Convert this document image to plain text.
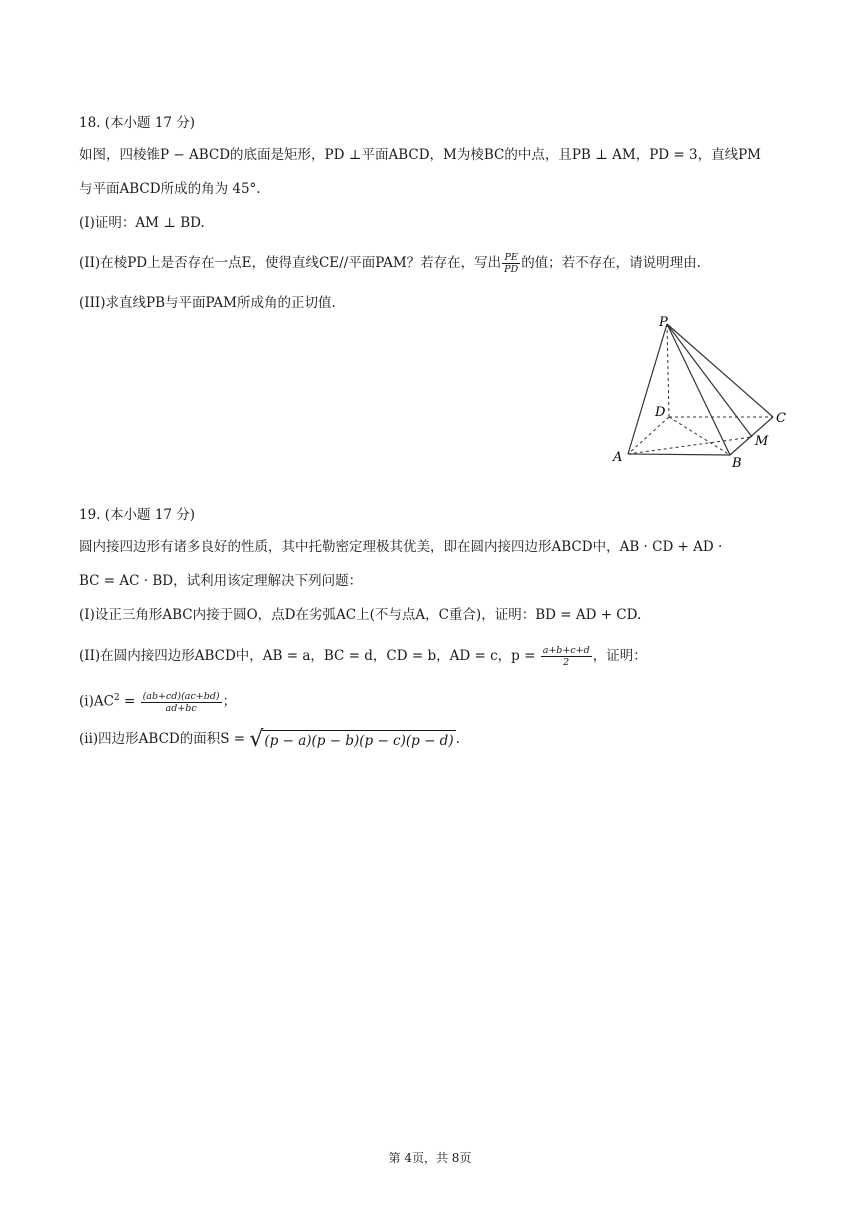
18. (本小题 17 分)
如图，四棱锥P − ABCD的底面是矩形，PD ⊥平面ABCD，M为棱BC的中点，且PB ⊥ AM，PD = 3，直线PM
与平面ABCD所成的角为 45°.
(I)证明：AM ⊥ BD.
(II)在棱PD上是否存在一点E，使得直线CE//平面PAM？若存在，写出 $\frac{PE}{PD}$ 的值；若不存在，请说明理由.
(III)求直线PB与平面PAM所成角的正切值.
P
D	C
M
A	B
19. (本小题 17 分)
圆内接四边形有诸多良好的性质，其中托勒密定理极其优美，即在圆内接四边形ABCD中，AB · CD + AD ·
BC = AC · BD，试利用该定理解决下列问题：
(I)设正三角形ABC内接于圆O，点D在劣弧AC上(不与点A，C重合)，证明：BD = AD + CD.
(II)在圆内接四边形ABCD中，AB = a，BC = d，CD = b，AD = c，$p = \frac{a+b+c+d}{2}$ ，证明：
$(i)AC^2 = \frac{(ab+cd)(ac+bd)}{ad+bc}$ ；
(ii)四边形ABCD的面积S = √(p − a)(p − b)(p − c)(p − d) .
第 4页，共 8页
